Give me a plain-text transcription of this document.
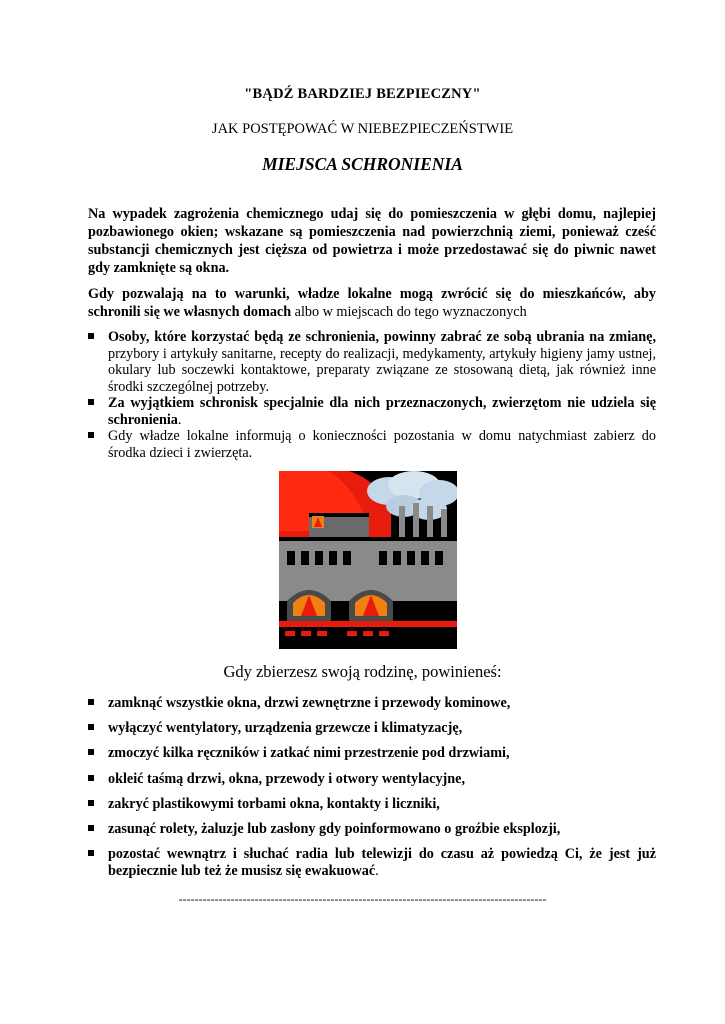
"BĄDŹ BARDZIEJ BEZPIECZNY"
JAK POSTĘPOWAĆ W NIEBEZPIECZEŃSTWIE
MIEJSCA SCHRONIENIA
Na wypadek zagrożenia chemicznego udaj się do pomieszczenia w głębi domu, najlepiej pozbawionego okien; wskazane są pomieszczenia nad powierzchnią ziemi, ponieważ cześć substancji chemicznych jest cięższa od powietrza i może przedostawać się do piwnic nawet gdy zamknięte są okna.
Gdy pozwalają na to warunki, władze lokalne mogą zwrócić się do mieszkańców, aby schronili się we własnych domach albo w miejscach do tego wyznaczonych
Osoby, które korzystać będą ze schronienia, powinny zabrać ze sobą ubrania na zmianę, przybory i artykuły sanitarne, recepty do realizacji, medykamenty, artykuły higieny jamy ustnej, okulary lub soczewki kontaktowe, preparaty związane ze stosowaną dietą, jak również inne środki szczególnej potrzeby.
Za wyjątkiem schronisk specjalnie dla nich przeznaczonych, zwierzętom nie udziela się schronienia.
Gdy władze lokalne informują o konieczności pozostania w domu natychmiast zabierz do środka dzieci i zwierzęta.
Gdy zbierzesz swoją rodzinę, powinieneś:
zamknąć wszystkie okna, drzwi zewnętrzne i przewody kominowe,
wyłączyć wentylatory, urządzenia grzewcze i klimatyzację,
zmoczyć kilka ręczników i zatkać nimi przestrzenie pod drzwiami,
okleić taśmą drzwi, okna, przewody i otwory wentylacyjne,
zakryć plastikowymi torbami okna, kontakty i liczniki,
zasunąć rolety, żaluzje lub zasłony gdy poinformowano o groźbie eksplozji,
pozostać wewnątrz i słuchać radia lub telewizji do czasu aż powiedzą Ci, że jest już bezpiecznie lub też że musisz się ewakuować.
--------------------------------------------------------------------------------------------
